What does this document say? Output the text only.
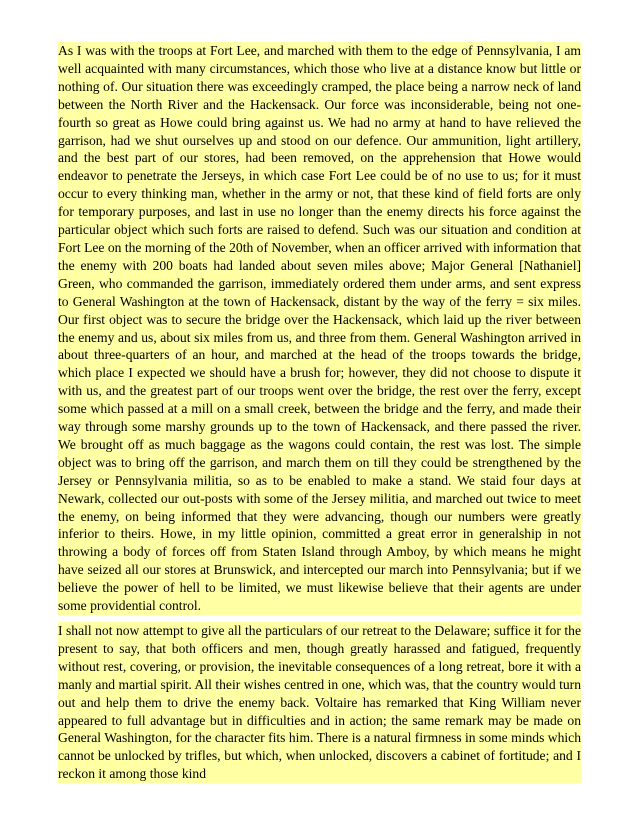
As I was with the troops at Fort Lee, and marched with them to the edge of Pennsylvania, I am well acquainted with many circumstances, which those who live at a distance know but little or nothing of. Our situation there was exceedingly cramped, the place being a narrow neck of land between the North River and the Hackensack. Our force was inconsiderable, being not one-fourth so great as Howe could bring against us. We had no army at hand to have relieved the garrison, had we shut ourselves up and stood on our defence. Our ammunition, light artillery, and the best part of our stores, had been removed, on the apprehension that Howe would endeavor to penetrate the Jerseys, in which case Fort Lee could be of no use to us; for it must occur to every thinking man, whether in the army or not, that these kind of field forts are only for temporary purposes, and last in use no longer than the enemy directs his force against the particular object which such forts are raised to defend. Such was our situation and condition at Fort Lee on the morning of the 20th of November, when an officer arrived with information that the enemy with 200 boats had landed about seven miles above; Major General [Nathaniel] Green, who commanded the garrison, immediately ordered them under arms, and sent express to General Washington at the town of Hackensack, distant by the way of the ferry = six miles. Our first object was to secure the bridge over the Hackensack, which laid up the river between the enemy and us, about six miles from us, and three from them. General Washington arrived in about three-quarters of an hour, and marched at the head of the troops towards the bridge, which place I expected we should have a brush for; however, they did not choose to dispute it with us, and the greatest part of our troops went over the bridge, the rest over the ferry, except some which passed at a mill on a small creek, between the bridge and the ferry, and made their way through some marshy grounds up to the town of Hackensack, and there passed the river. We brought off as much baggage as the wagons could contain, the rest was lost. The simple object was to bring off the garrison, and march them on till they could be strengthened by the Jersey or Pennsylvania militia, so as to be enabled to make a stand. We staid four days at Newark, collected our out-posts with some of the Jersey militia, and marched out twice to meet the enemy, on being informed that they were advancing, though our numbers were greatly inferior to theirs. Howe, in my little opinion, committed a great error in generalship in not throwing a body of forces off from Staten Island through Amboy, by which means he might have seized all our stores at Brunswick, and intercepted our march into Pennsylvania; but if we believe the power of hell to be limited, we must likewise believe that their agents are under some providential control.

I shall not now attempt to give all the particulars of our retreat to the Delaware; suffice it for the present to say, that both officers and men, though greatly harassed and fatigued, frequently without rest, covering, or provision, the inevitable consequences of a long retreat, bore it with a manly and martial spirit. All their wishes centred in one, which was, that the country would turn out and help them to drive the enemy back. Voltaire has remarked that King William never appeared to full advantage but in difficulties and in action; the same remark may be made on General Washington, for the character fits him. There is a natural firmness in some minds which cannot be unlocked by trifles, but which, when unlocked, discovers a cabinet of fortitude; and I reckon it among those kind
